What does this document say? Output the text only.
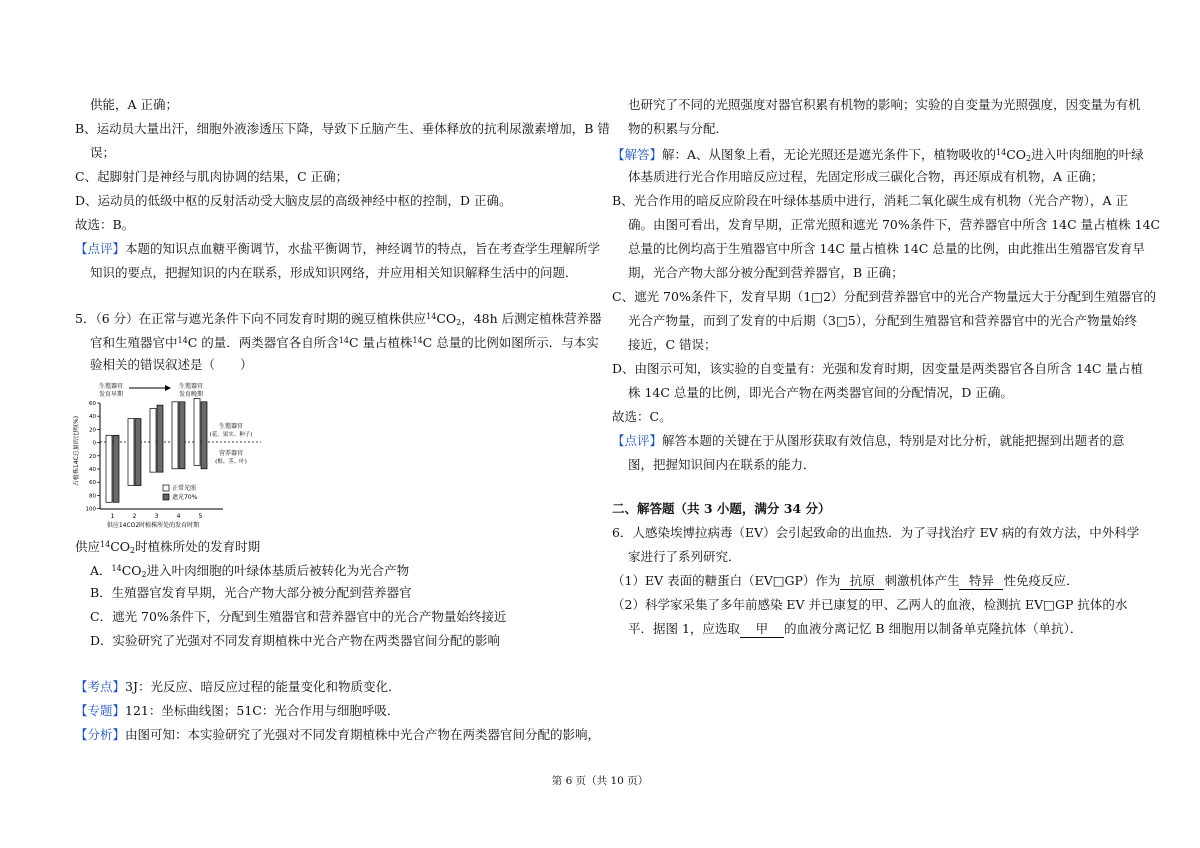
供能，A 正确；
B、运动员大量出汗，细胞外液渗透压下降，导致下丘脑产生、垂体释放的抗利尿激素增加，B 错
误；
C、起脚射门是神经与肌肉协调的结果，C 正确；
D、运动员的低级中枢的反射活动受大脑皮层的高级神经中枢的控制，D 正确。
故选：B。
【点评】本题的知识点血糖平衡调节，水盐平衡调节，神经调节的特点，旨在考查学生理解所学
知识的要点，把握知识的内在联系，形成知识网络，并应用相关知识解释生活中的问题．
5．（6 分）在正常与遮光条件下向不同发育时期的豌豆植株供应$^{14}CO_2$，48h 后测定植株营养器
官和生殖器官中$^{14}$C 的量．两类器官各自所含$^{14}$C 量占植株$^{14}$C 总量的比例如图所示．与本实
验相关的错误叙述是（　　）
供应$^{14}CO_2$时植株所处的发育时期
A．$^{14}CO_2$进入叶肉细胞的叶绿体基质后被转化为光合产物
B．生殖器官发育早期，光合产物大部分被分配到营养器官
C．遮光 70%条件下，分配到生殖器官和营养器官中的光合产物量始终接近
D．实验研究了光强对不同发育期植株中光合产物在两类器官间分配的影响
【考点】3J：光反应、暗反应过程的能量变化和物质变化．
【专题】121：坐标曲线图；51C：光合作用与细胞呼吸．
【分析】由图可知：本实验研究了光强对不同发育期植株中光合产物在两类器官间分配的影响，
生殖器官
发育早期
生殖器官
发育晚期
占植株14C总量的比例(%)
60
40
20
0
20
40
60
80
100
生殖器官
(花、果实、种子)
营养器官
(根、茎、叶)
正常光照
遮光70%
1	2	3	4	5
供应14CO2时植株所处的发育时期
也研究了不同的光照强度对器官积累有机物的影响；实验的自变量为光照强度，因变量为有机
物的积累与分配．
【解答】解：A、从图象上看，无论光照还是遮光条件下，植物吸收的$^{14}CO_2$进入叶肉细胞的叶绿
体基质进行光合作用暗反应过程，先固定形成三碳化合物，再还原成有机物，A 正确；
B、光合作用的暗反应阶段在叶绿体基质中进行，消耗二氧化碳生成有机物（光合产物），A 正
确。由图可看出，发育早期，正常光照和遮光 70%条件下，营养器官中所含 14C 量占植株 14C
总量的比例均高于生殖器官中所含 14C 量占植株 14C 总量的比例，由此推出生殖器官发育早
期，光合产物大部分被分配到营养器官，B 正确；
C、遮光 70%条件下，发育早期（1□2）分配到营养器官中的光合产物量远大于分配到生殖器官的
光合产物量，而到了发育的中后期（3□5），分配到生殖器官和营养器官中的光合产物量始终
接近，C 错误；
D、由图示可知，该实验的自变量有：光强和发育时期，因变量是两类器官各自所含 14C 量占植
株 14C 总量的比例，即光合产物在两类器官间的分配情况，D 正确。
故选：C。
【点评】解答本题的关键在于从图形获取有效信息，特别是对比分析，就能把握到出题者的意
图，把握知识间内在联系的能力．
二、解答题（共 3 小题，满分 34 分）
6．人感染埃博拉病毒（EV）会引起致命的出血热．为了寻找治疗 EV 病的有效方法，中外科学
家进行了系列研究．
（1）EV 表面的糖蛋白（EV□GP）作为 抗原 刺激机体产生 特异 性免疫反应．
（2）科学家采集了多年前感染 EV 并已康复的甲、乙两人的血液，检测抗 EV□GP 抗体的水
平．据图 1，应选取 甲 的血液分离记忆 B 细胞用以制备单克隆抗体（单抗）．
第 6 页（共 10 页）
